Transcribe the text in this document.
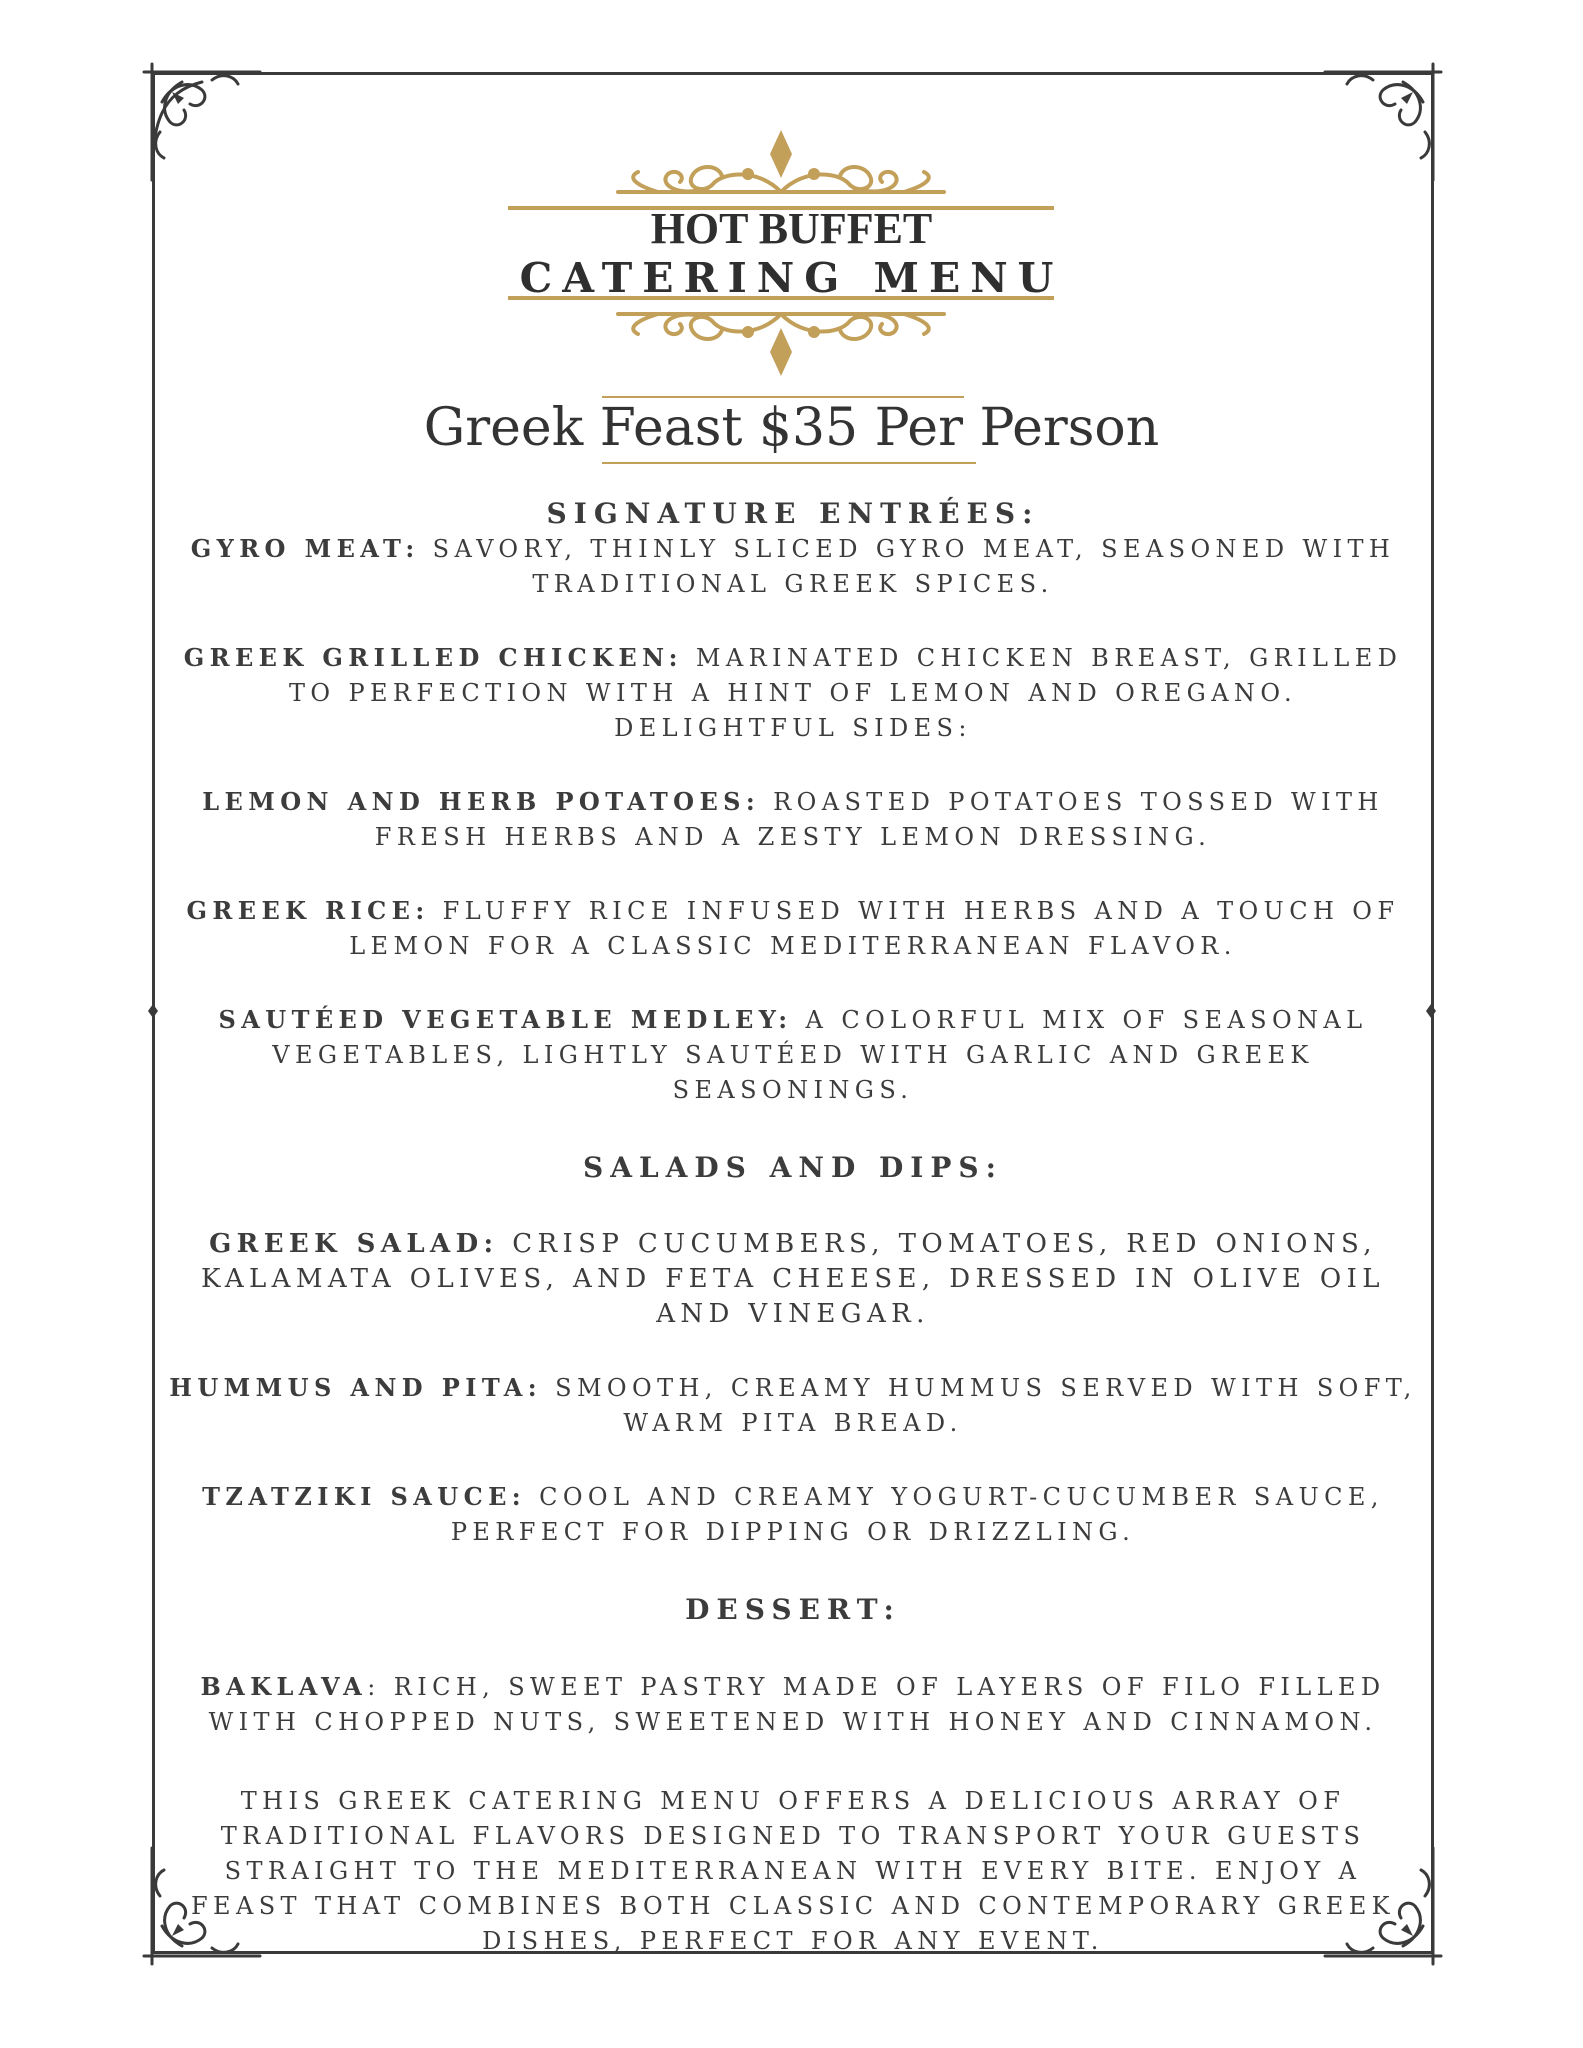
HOT BUFFET
CATERING MENU
Greek Feast $35 Per Person

SIGNATURE ENTRÉES:

GYRO MEAT: SAVORY, THINLY SLICED GYRO MEAT, SEASONED WITH TRADITIONAL GREEK SPICES.

GREEK GRILLED CHICKEN: MARINATED CHICKEN BREAST, GRILLED TO PERFECTION WITH A HINT OF LEMON AND OREGANO.

DELIGHTFUL SIDES:

LEMON AND HERB POTATOES: ROASTED POTATOES TOSSED WITH FRESH HERBS AND A ZESTY LEMON DRESSING.

GREEK RICE: FLUFFY RICE INFUSED WITH HERBS AND A TOUCH OF LEMON FOR A CLASSIC MEDITERRANEAN FLAVOR.

SAUTÉED VEGETABLE MEDLEY: A COLORFUL MIX OF SEASONAL VEGETABLES, LIGHTLY SAUTÉED WITH GARLIC AND GREEK SEASONINGS.

SALADS AND DIPS:

GREEK SALAD: CRISP CUCUMBERS, TOMATOES, RED ONIONS, KALAMATA OLIVES, AND FETA CHEESE, DRESSED IN OLIVE OIL AND VINEGAR.

HUMMUS AND PITA: SMOOTH, CREAMY HUMMUS SERVED WITH SOFT, WARM PITA BREAD.

TZATZIKI SAUCE: COOL AND CREAMY YOGURT-CUCUMBER SAUCE, PERFECT FOR DIPPING OR DRIZZLING.

DESSERT:

BAKLAVA: RICH, SWEET PASTRY MADE OF LAYERS OF FILO FILLED WITH CHOPPED NUTS, SWEETENED WITH HONEY AND CINNAMON.

THIS GREEK CATERING MENU OFFERS A DELICIOUS ARRAY OF TRADITIONAL FLAVORS DESIGNED TO TRANSPORT YOUR GUESTS STRAIGHT TO THE MEDITERRANEAN WITH EVERY BITE. ENJOY A FEAST THAT COMBINES BOTH CLASSIC AND CONTEMPORARY GREEK DISHES, PERFECT FOR ANY EVENT.
